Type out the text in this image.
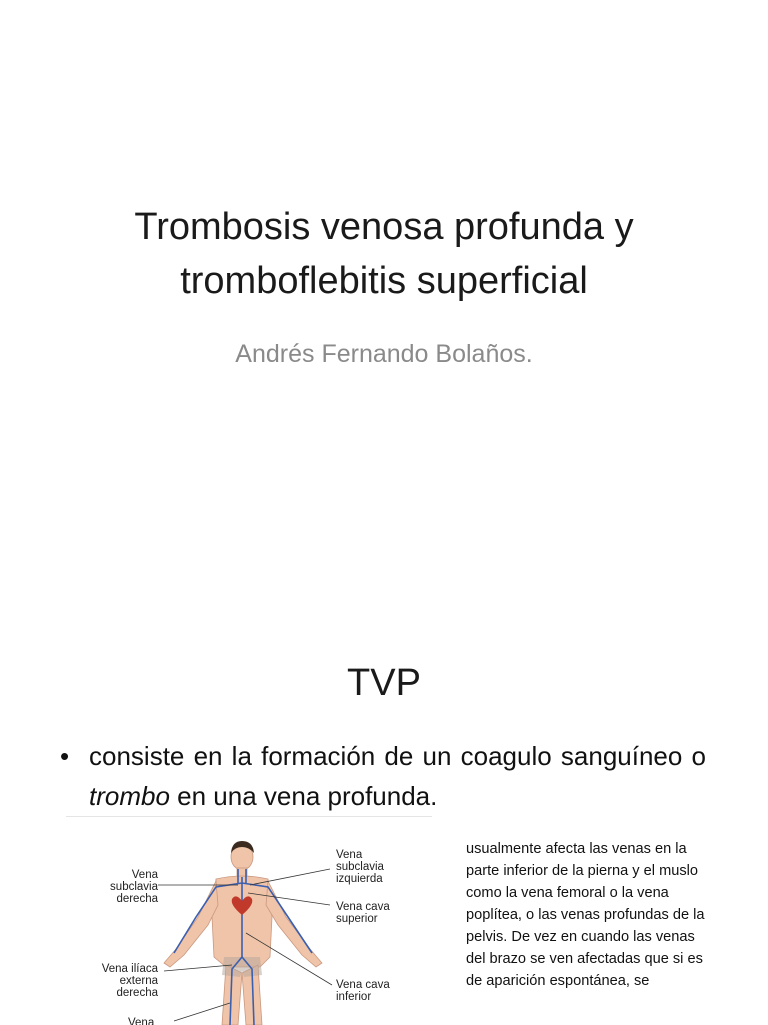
Trombosis venosa profunda y
tromboflebitis superficial
Andrés Fernando Bolaños.
TVP
• consiste en la formación de un coagulo sanguíneo o trombo en una vena profunda.
Vena
subclavia
derecha
Vena
subclavia
izquierda
Vena cava
superior
Vena ilíaca
externa
derecha
Vena cava
inferior
Vena
usualmente afecta las venas en la parte inferior de la pierna y el muslo como la vena femoral o la vena poplítea, o las venas profundas de la pelvis. De vez en cuando las venas del brazo se ven afectadas que si es de aparición espontánea, se
